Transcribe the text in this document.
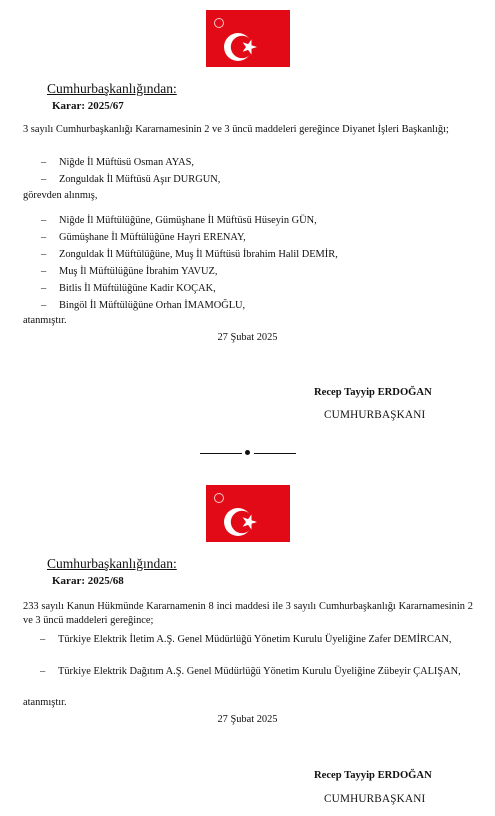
Cumhurbaşkanlığından:
Karar: 2025/67
3 sayılı Cumhurbaşkanlığı Kararnamesinin 2 ve 3 üncü maddeleri gereğince Diyanet İşleri Başkanlığı;
– Niğde İl Müftüsü Osman AYAS,
– Zonguldak İl Müftüsü Aşır DURGUN,
görevden alınmış,
– Niğde İl Müftülüğüne, Gümüşhane İl Müftüsü Hüseyin GÜN,
– Gümüşhane İl Müftülüğüne Hayri ERENAY,
– Zonguldak İl Müftülüğüne, Muş İl Müftüsü İbrahim Halil DEMİR,
– Muş İl Müftülüğüne İbrahim YAVUZ,
– Bitlis İl Müftülüğüne Kadir KOÇAK,
– Bingöl İl Müftülüğüne Orhan İMAMOĞLU,
atanmıştır.
27 Şubat 2025
Recep Tayyip ERDOĞAN
CUMHURBAŞKANI
Cumhurbaşkanlığından:
Karar: 2025/68
233 sayılı Kanun Hükmünde Kararnamenin 8 inci maddesi ile 3 sayılı Cumhurbaşkanlığı Kararnamesinin 2 ve 3 üncü maddeleri gereğince;
– Türkiye Elektrik İletim A.Ş. Genel Müdürlüğü Yönetim Kurulu Üyeliğine Zafer DEMİRCAN,
– Türkiye Elektrik Dağıtım A.Ş. Genel Müdürlüğü Yönetim Kurulu Üyeliğine Zübeyir ÇALIŞAN,
atanmıştır.
27 Şubat 2025
Recep Tayyip ERDOĞAN
CUMHURBAŞKANI
